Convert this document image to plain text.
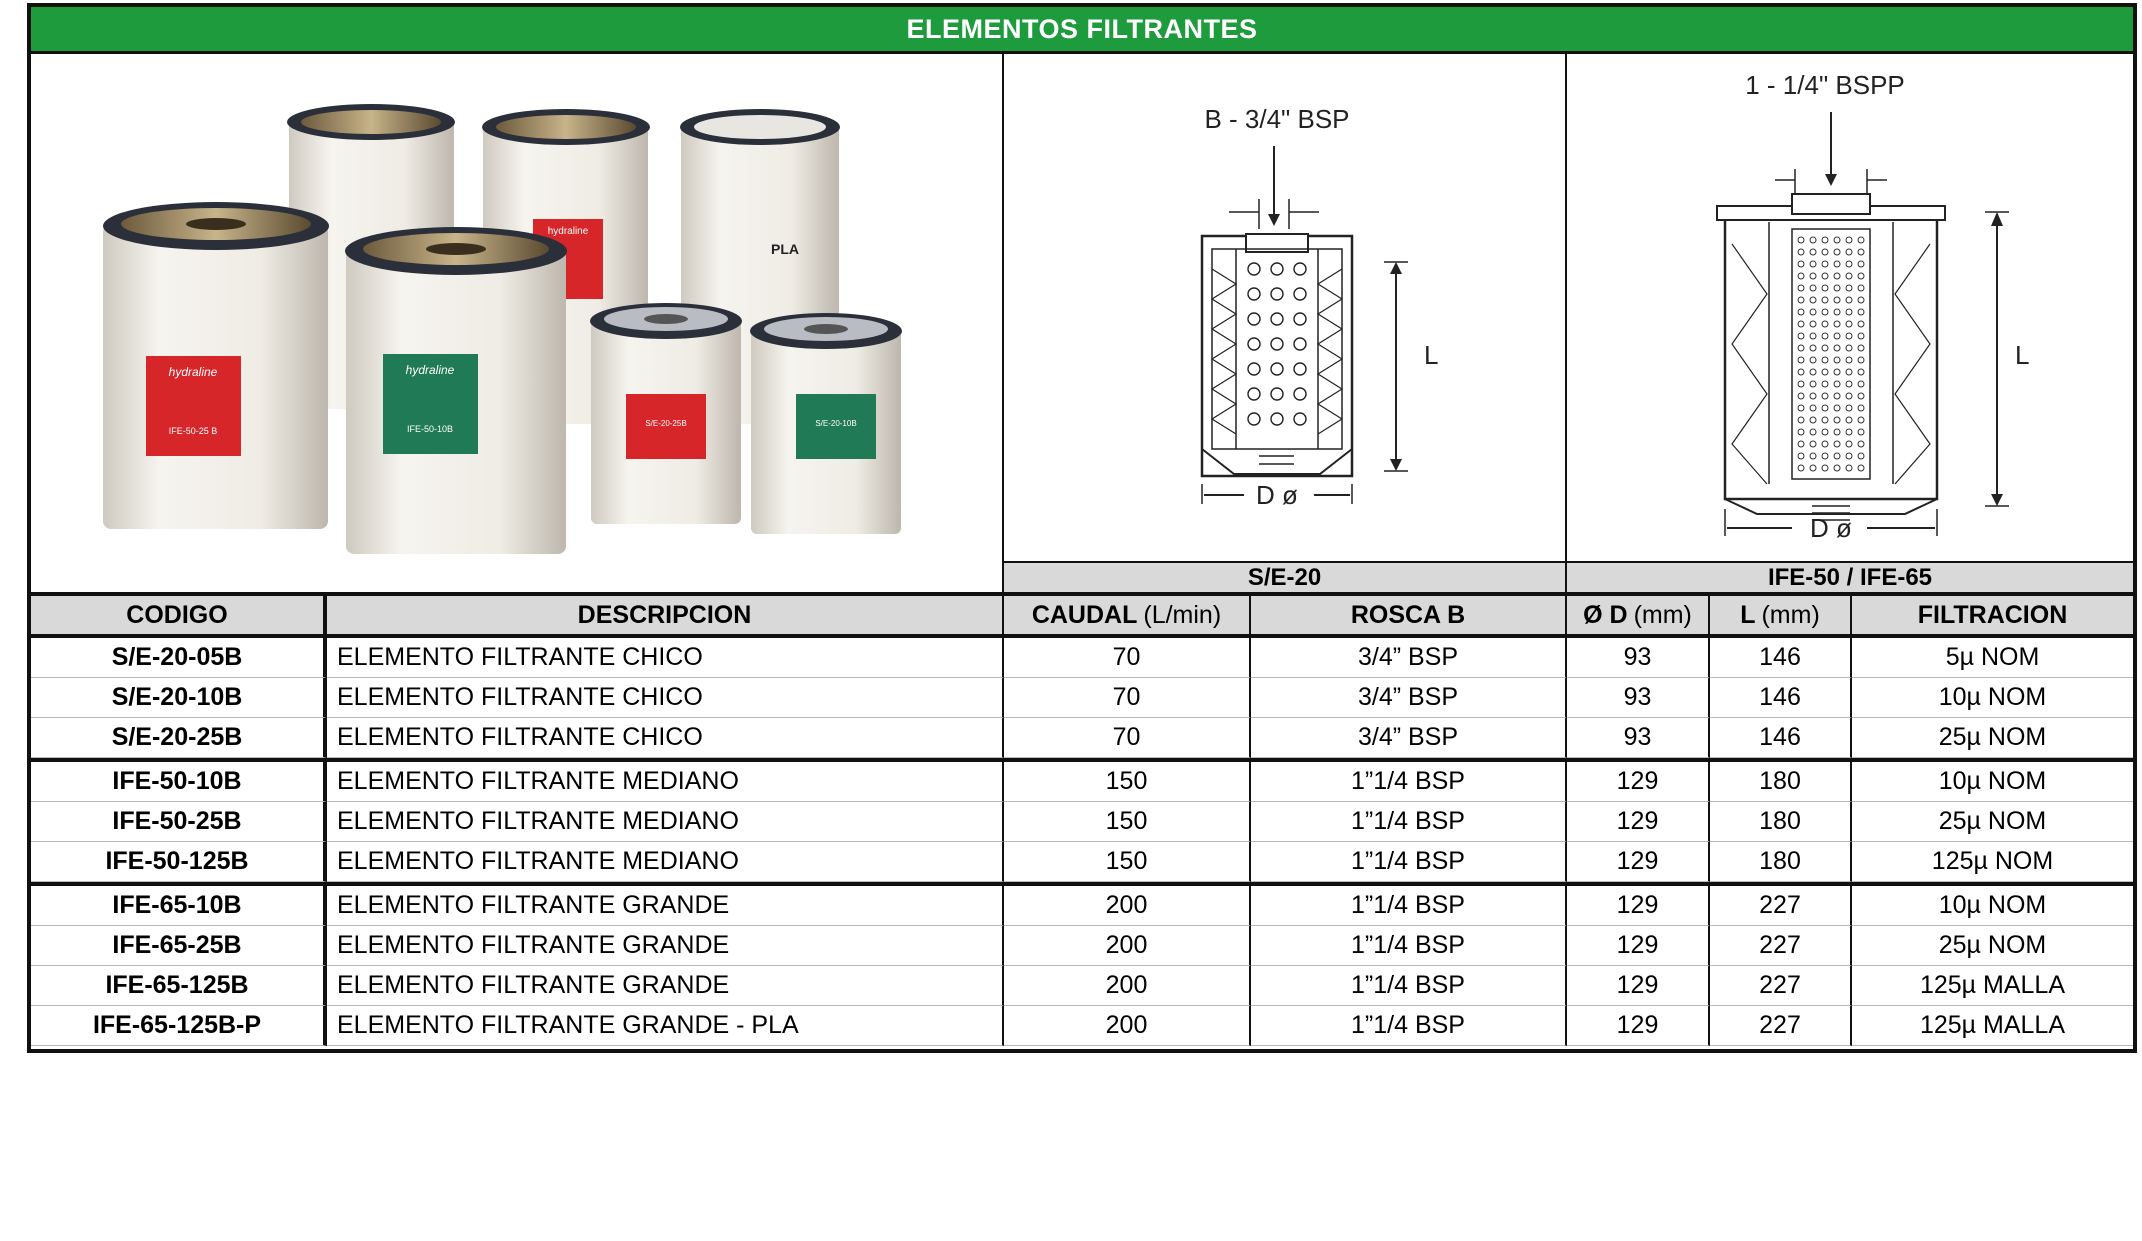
ELEMENTOS FILTRANTES
hydraline
PLA
hydraline
IFE-50-25 B
hydraline
IFE-50-10B
S/E-20-25B	S/E-20-10B
B - 3/4" BSP
L
D ø
1 - 1/4" BSPP
L
D ø
S/E-20	IFE-50 / IFE-65
CODIGO	DESCRIPCION	CAUDAL (L/min)	ROSCA B	Ø D (mm) L (mm)	FILTRACION
S/E-20-05B	ELEMENTO FILTRANTE CHICO	70	3/4” BSP	93	146	5µ NOM
S/E-20-10B	ELEMENTO FILTRANTE CHICO	70	3/4” BSP	93	146	10µ NOM
S/E-20-25B	ELEMENTO FILTRANTE CHICO	70	3/4” BSP	93	146	25µ NOM
IFE-50-10B	ELEMENTO FILTRANTE MEDIANO	150	1”1/4 BSP	129	180	10µ NOM
IFE-50-25B	ELEMENTO FILTRANTE MEDIANO	150	1”1/4 BSP	129	180	25µ NOM
IFE-50-125B	ELEMENTO FILTRANTE MEDIANO	150	1”1/4 BSP	129	180	125µ NOM
IFE-65-10B	ELEMENTO FILTRANTE GRANDE	200	1”1/4 BSP	129	227	10µ NOM
IFE-65-25B	ELEMENTO FILTRANTE GRANDE	200	1”1/4 BSP	129	227	25µ NOM
IFE-65-125B	ELEMENTO FILTRANTE GRANDE	200	1”1/4 BSP	129	227	125µ MALLA
IFE-65-125B-P	ELEMENTO FILTRANTE GRANDE - PLA	200	1”1/4 BSP	129	227	125µ MALLA
